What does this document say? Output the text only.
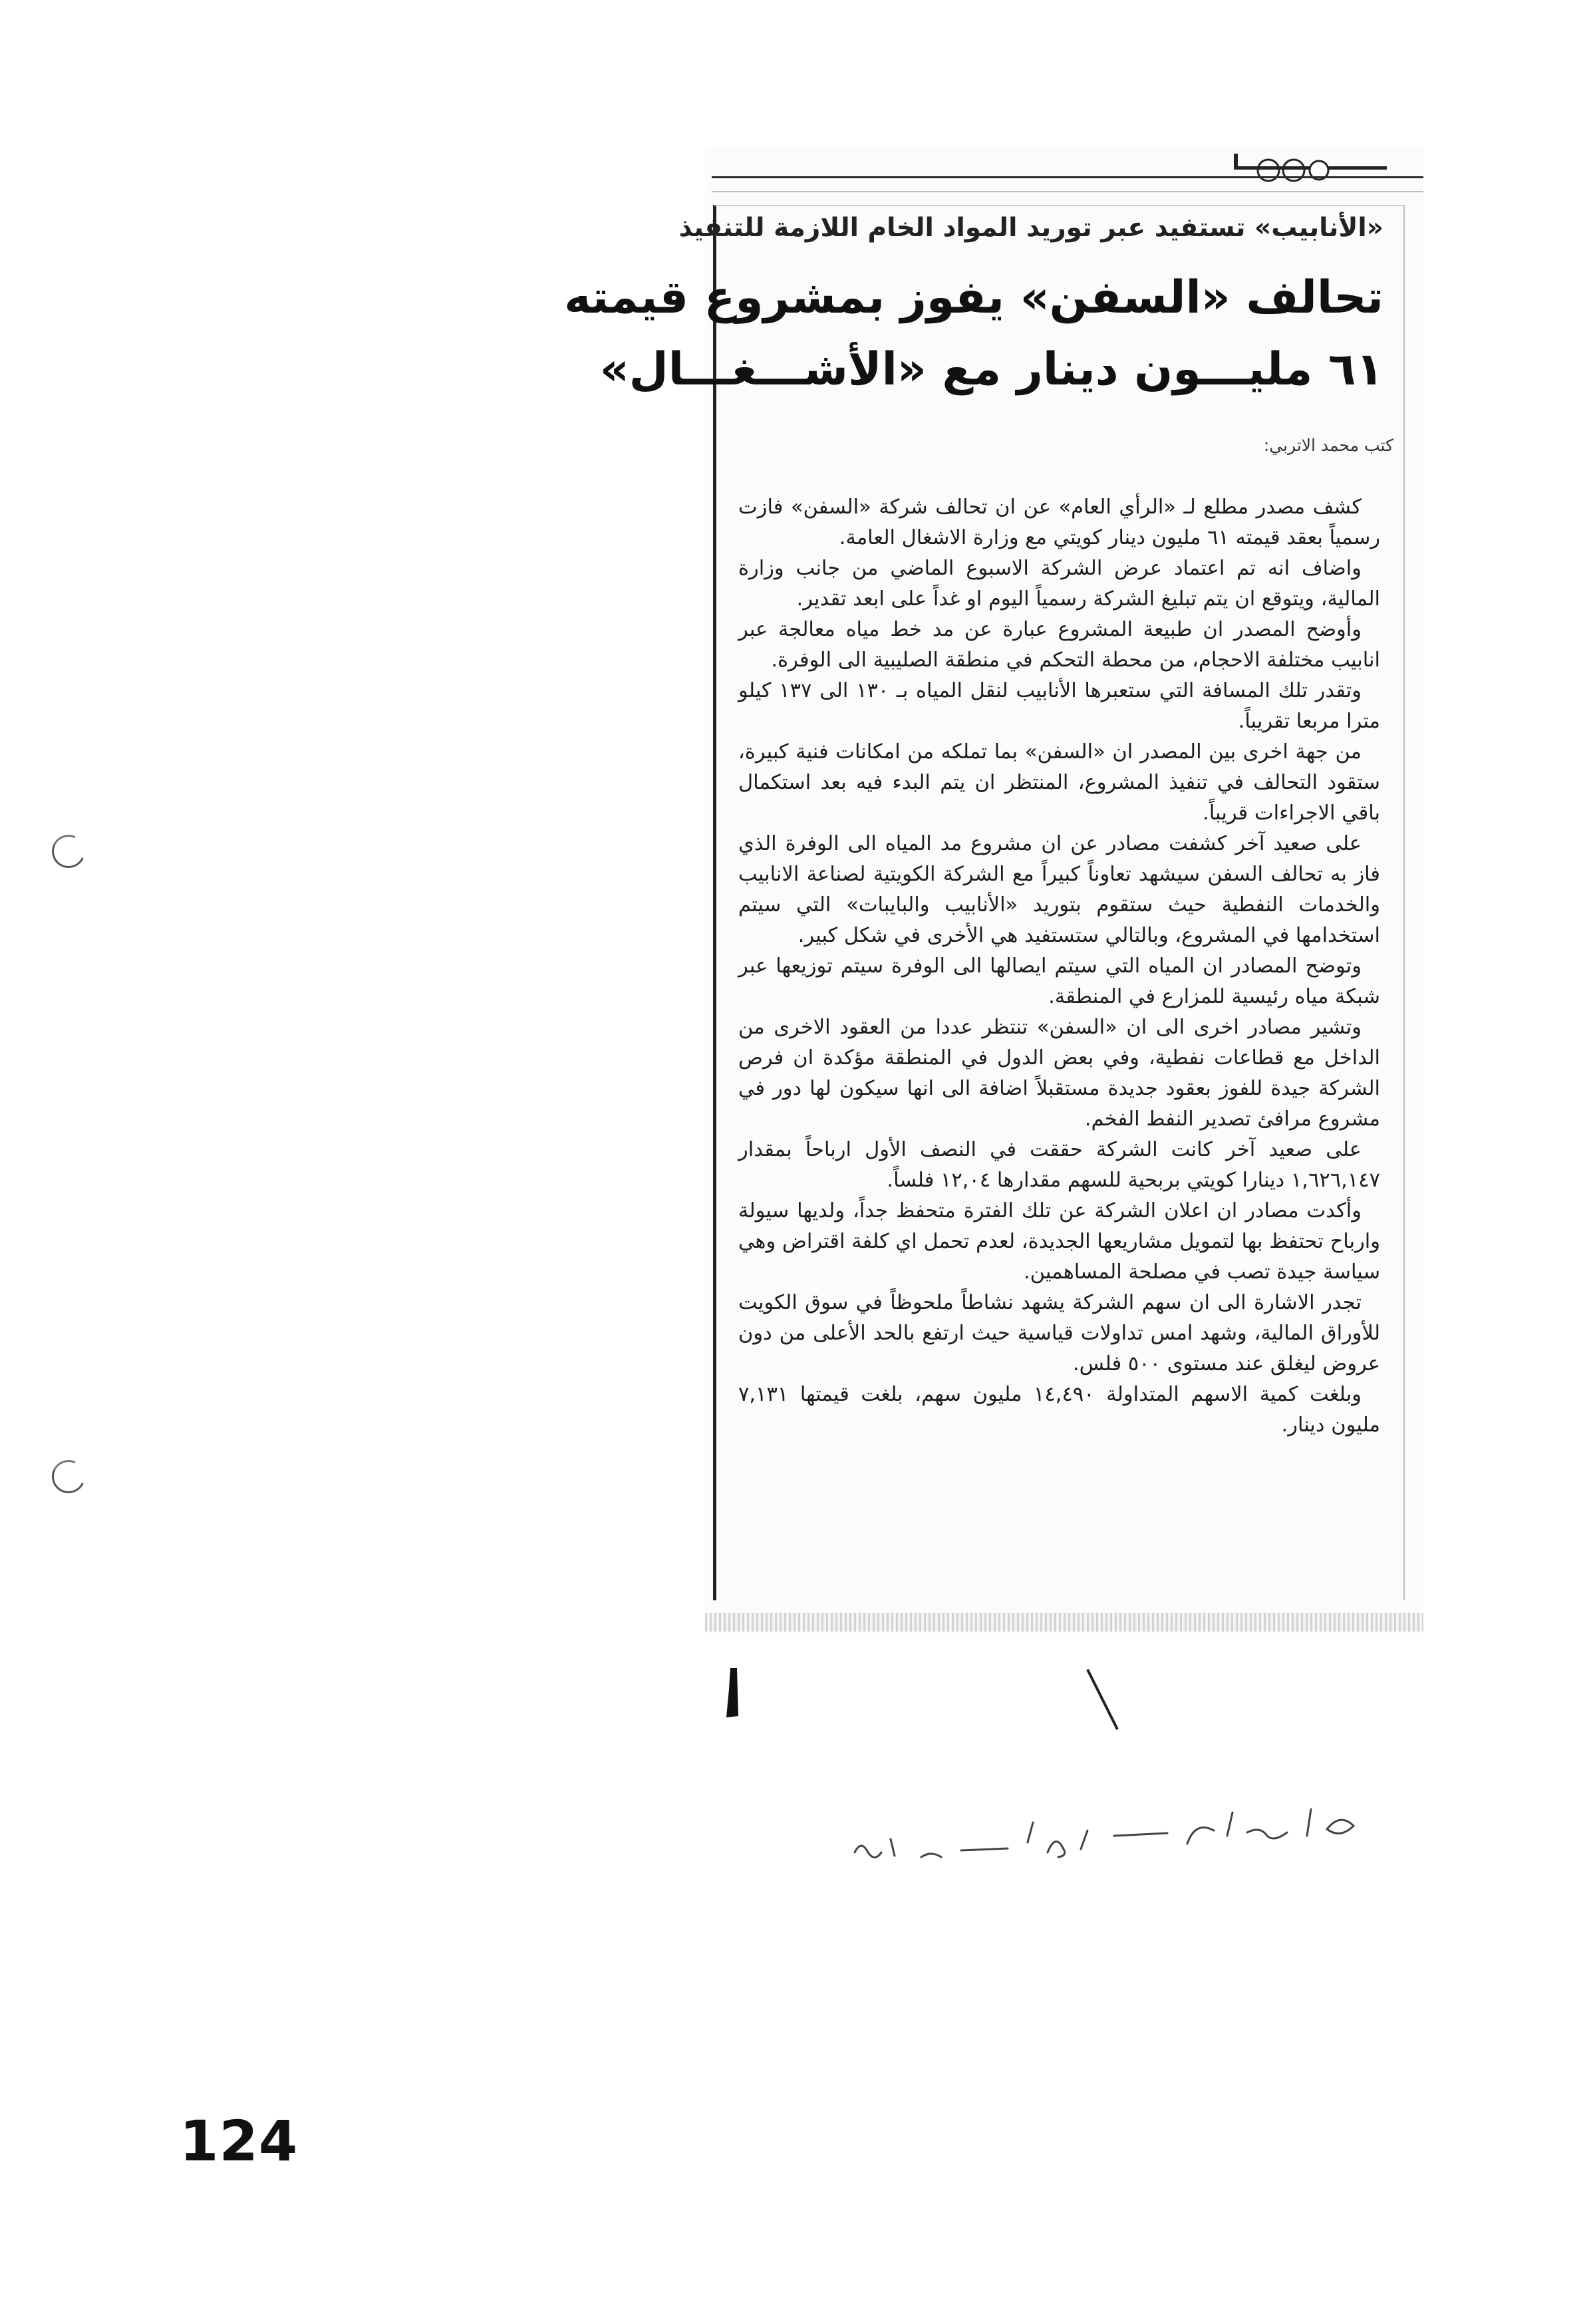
«الأنابيب» تستفيد عبر توريد المواد الخام اللازمة للتنفيذ
تحالف «السفن» يفوز بمشروع قيمته
٦١ مليـــون دينار مع «الأشـــغـــال»
كتب محمد الاتربي:

كشف مصدر مطلع لـ «الرأي العام» عن ان تحالف شركة «السفن» فازت رسمياً بعقد قيمته ٦١ مليون دينار كويتي مع وزارة الاشغال العامة.

واضاف انه تم اعتماد عرض الشركة الاسبوع الماضي من جانب وزارة المالية، ويتوقع ان يتم تبليغ الشركة رسمياً اليوم او غداً على ابعد تقدير.

وأوضح المصدر ان طبيعة المشروع عبارة عن مد خط مياه معالجة عبر انابيب مختلفة الاحجام، من محطة التحكم في منطقة الصليبية الى الوفرة.

وتقدر تلك المسافة التي ستعبرها الأنابيب لنقل المياه بـ ١٣٠ الى ١٣٧ كيلو مترا مربعا تقريباً.

من جهة اخرى بين المصدر ان «السفن» بما تملكه من امكانات فنية كبيرة، ستقود التحالف في تنفيذ المشروع، المنتظر ان يتم البدء فيه بعد استكمال باقي الاجراءات قريباً.

على صعيد آخر كشفت مصادر عن ان مشروع مد المياه الى الوفرة الذي فاز به تحالف السفن سيشهد تعاوناً كبيراً مع الشركة الكويتية لصناعة الانابيب والخدمات النفطية حيث ستقوم بتوريد «الأنابيب والبايبات» التي سيتم استخدامها في المشروع، وبالتالي ستستفيد هي الأخرى في شكل كبير.

وتوضح المصادر ان المياه التي سيتم ايصالها الى الوفرة سيتم توزيعها عبر شبكة مياه رئيسية للمزارع في المنطقة.

وتشير مصادر اخرى الى ان «السفن» تنتظر عددا من العقود الاخرى من الداخل مع قطاعات نفطية، وفي بعض الدول في المنطقة مؤكدة ان فرص الشركة جيدة للفوز بعقود جديدة مستقبلاً اضافة الى انها سيكون لها دور في مشروع مرافئ تصدير النفط الفخم.

على صعيد آخر كانت الشركة حققت في النصف الأول ارباحاً بمقدار ١,٦٢٦,١٤٧ دينارا كويتي بربحية للسهم مقدارها ١٢,٠٤ فلساً.

وأكدت مصادر ان اعلان الشركة عن تلك الفترة متحفظ جداً، ولديها سيولة وارباح تحتفظ بها لتمويل مشاريعها الجديدة، لعدم تحمل اي كلفة اقتراض وهي سياسة جيدة تصب في مصلحة المساهمين.

تجدر الاشارة الى ان سهم الشركة يشهد نشاطاً ملحوظاً في سوق الكويت للأوراق المالية، وشهد امس تداولات قياسية حيث ارتفع بالحد الأعلى من دون عروض ليغلق عند مستوى ٥٠٠ فلس.

وبلغت كمية الاسهم المتداولة ١٤,٤٩٠ مليون سهم، بلغت قيمتها ٧,١٣١ مليون دينار.

124
